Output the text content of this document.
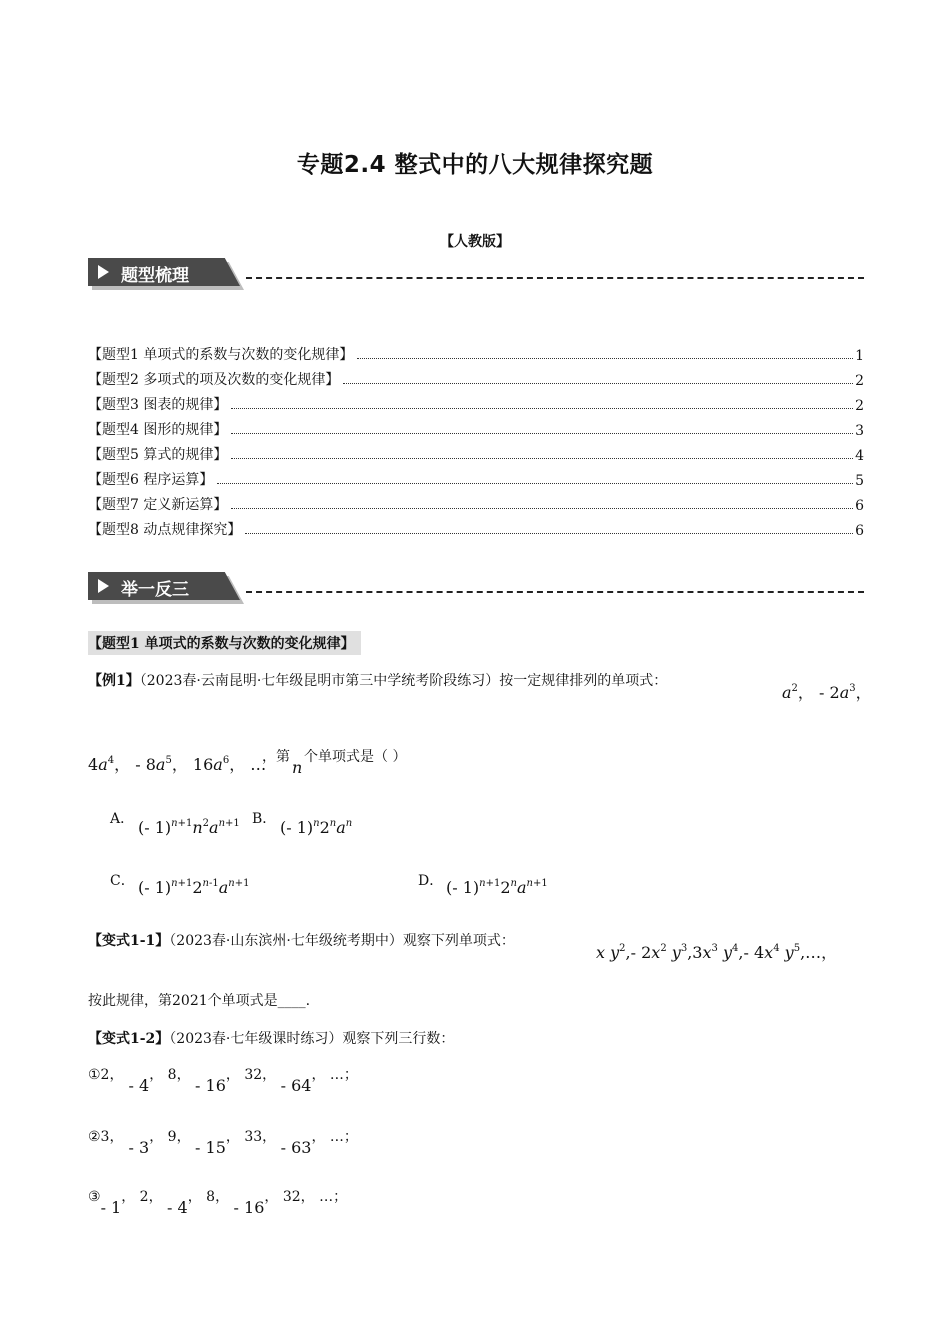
专题2.4 整式中的八大规律探究题
【人教版】
题型梳理
【题型1 单项式的系数与次数的变化规律】	1
【题型2 多项式的项及次数的变化规律】	2
【题型3 图表的规律】	2
【题型4 图形的规律】	3
【题型5 算式的规律】	4
【题型6 程序运算】	5
【题型7 定义新运算】	6
【题型8 动点规律探究】	6
举一反三
【题型1 单项式的系数与次数的变化规律】
【例1】（2023春·云南昆明·七年级昆明市第三中学统考阶段练习）按一定规律排列的单项式：
$a^2$， - $2a^3$，
$4a^4$， - $8a^5$， $16a^6$， …
，第
n
个单项式是（ ）
A． (- $1)^{n+1}n^2a^{n+1}$ B． (- $1)^n2^na^n$
C． (- $1)^{n+1}2^{n-1}a^{n+1}$	D． (- $1)^{n+1}2^na^{n+1}$
【变式1-1】（2023春·山东滨州·七年级统考期中）观察下列单项式：
x $y^2,-$ $2x^2$ $y^3,3x^3$ $y^4,-$ $4x^4$ $y^5,\dots$，
按此规律，第2021个单项式是____.
【变式1-2】（2023春·七年级课时练习）观察下列三行数：
①2， - 4， 8， - 16， 32， - 64， …；
②3， - 3， 9， - 15， 33， - 63， …；
③- 1， 2， - 4， 8， - 16， 32， …；
